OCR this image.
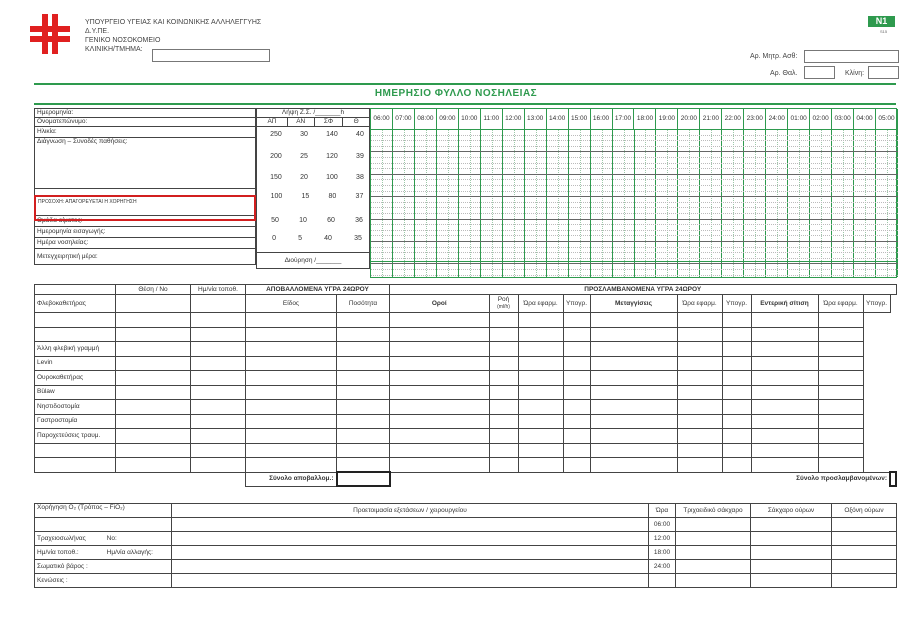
ΥΠΟΥΡΓΕΙΟ ΥΓΕΙΑΣ ΚΑΙ ΚΟΙΝΩΝΙΚΗΣ ΑΛΛΗΛΕΓΓΥΗΣ
Δ.Υ.ΠΕ.
ΓΕΝΙΚΟ ΝΟΣΟΚΟΜΕΙΟ
ΚΛΙΝΙΚΗ/ΤΜΗΜΑ:
N1
S15
Αρ. Μητρ. Ασθ:
Αρ. Θαλ.	Κλίνη:
ΗΜΕΡΗΣΙΟ ΦΥΛΛΟ ΝΟΣΗΛΕΙΑΣ
Ημερομηνία:
Ονοματεπώνυμο:
Ηλικία:
Διάγνωση – Συνοδές παθήσεις:

Ομάδα αίματος:
Ημερομηνία εισαγωγής:
Ημέρα νοσηλείας:
Μετεγχειρητική μέρα:
ΠΡΟΣΟΧΗ: ΑΠΑΓΟΡΕΥΕΤΑΙ Η ΧΟΡΗΓΗΣΗ
Λήψη Ζ.Σ. /_______h
ΑΠ	ΑΝ	ΣΦ	Θ

250	30	140	40
200	25	120	39
150	20	100	38
100	15	80	37
50	10	60	36
0	5	40	35

Διούρηση /_______
06:00 07:00 08:00 09:00 10:00 11:00 12:00 13:00 14:00 15:00 16:00 17:00 18:00 19:00 20:00 21:00 22:00 23:00 24:00 01:00 02:00 03:00 04:00 05:00
	Θέση / Νο	Ημ/νία τοποθ.	ΑΠΟΒΑΛΛΟΜΕΝΑ ΥΓΡΑ 24ΩΡΟΥ		ΠΡΟΣΛΑΜΒΑΝΟΜΕΝΑ ΥΓΡΑ 24ΩΡΟΥ										
Φλεβοκαθετήρας			Είδος	Ποσότητα	Οροί	Ροή
(ml/h)	Ώρα εφαρμ.	Υπογρ.	Μεταγγίσεις	Ώρα εφαρμ.	Υπογρ.	Εντερική σίτιση	Ώρα εφαρμ.	Υπογρ.	

Άλλη φλεβική γραμμή															
Levin															
Ουροκαθετήρας															
Bülaw															
Νηστιδοστομία															
Γαστροστομία															
Παροχετεύσεις τραυμ.															

			Σύνολο αποβαλλομ.:		Σύνολο προσλαμβανομένων:										
Χορήγηση O₂ (Τρόπος – FiO₂)		Προετοιμασία εξετάσεων / χειρουργείου	Ώρα	Τριχοειδικό σάκχαρο	Σάκχαρο ούρων	Οξόνη ούρων
			06:00			
Τραχειοσωλήνας	Νο:		12:00			
Ημ/νία τοποθ.:	Ημ/νία αλλαγής:		18:00			
Σωματικό βάρος :			24:00			
Κενώσεις :						
